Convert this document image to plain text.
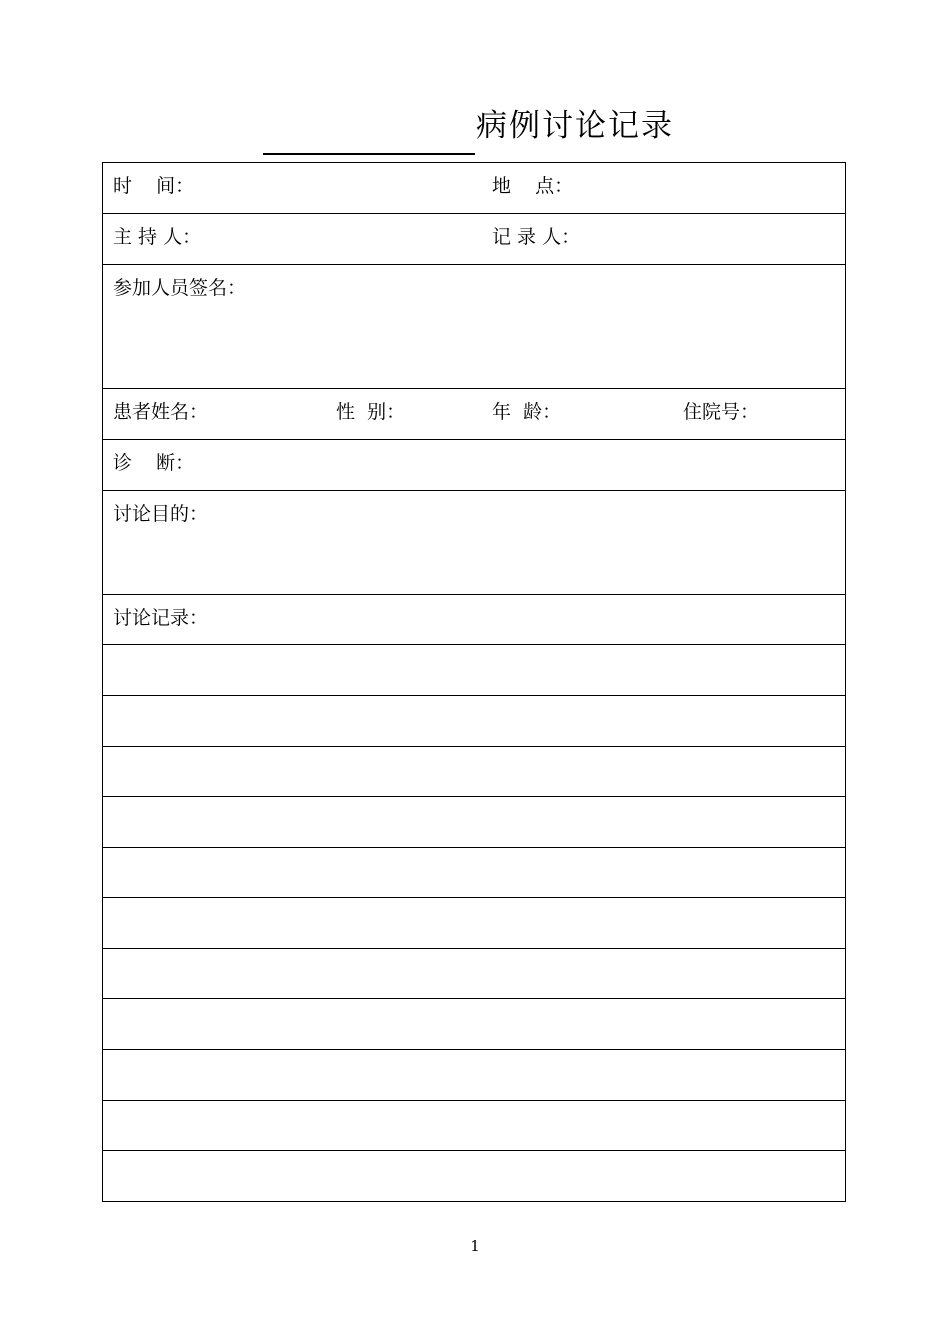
病例讨论记录
时    间：	地    点：
主 持 人：	记 录 人：
参加人员签名：
患者姓名：	性  别：	年  龄：	住院号：
诊    断：
讨论目的：
讨论记录：
1
